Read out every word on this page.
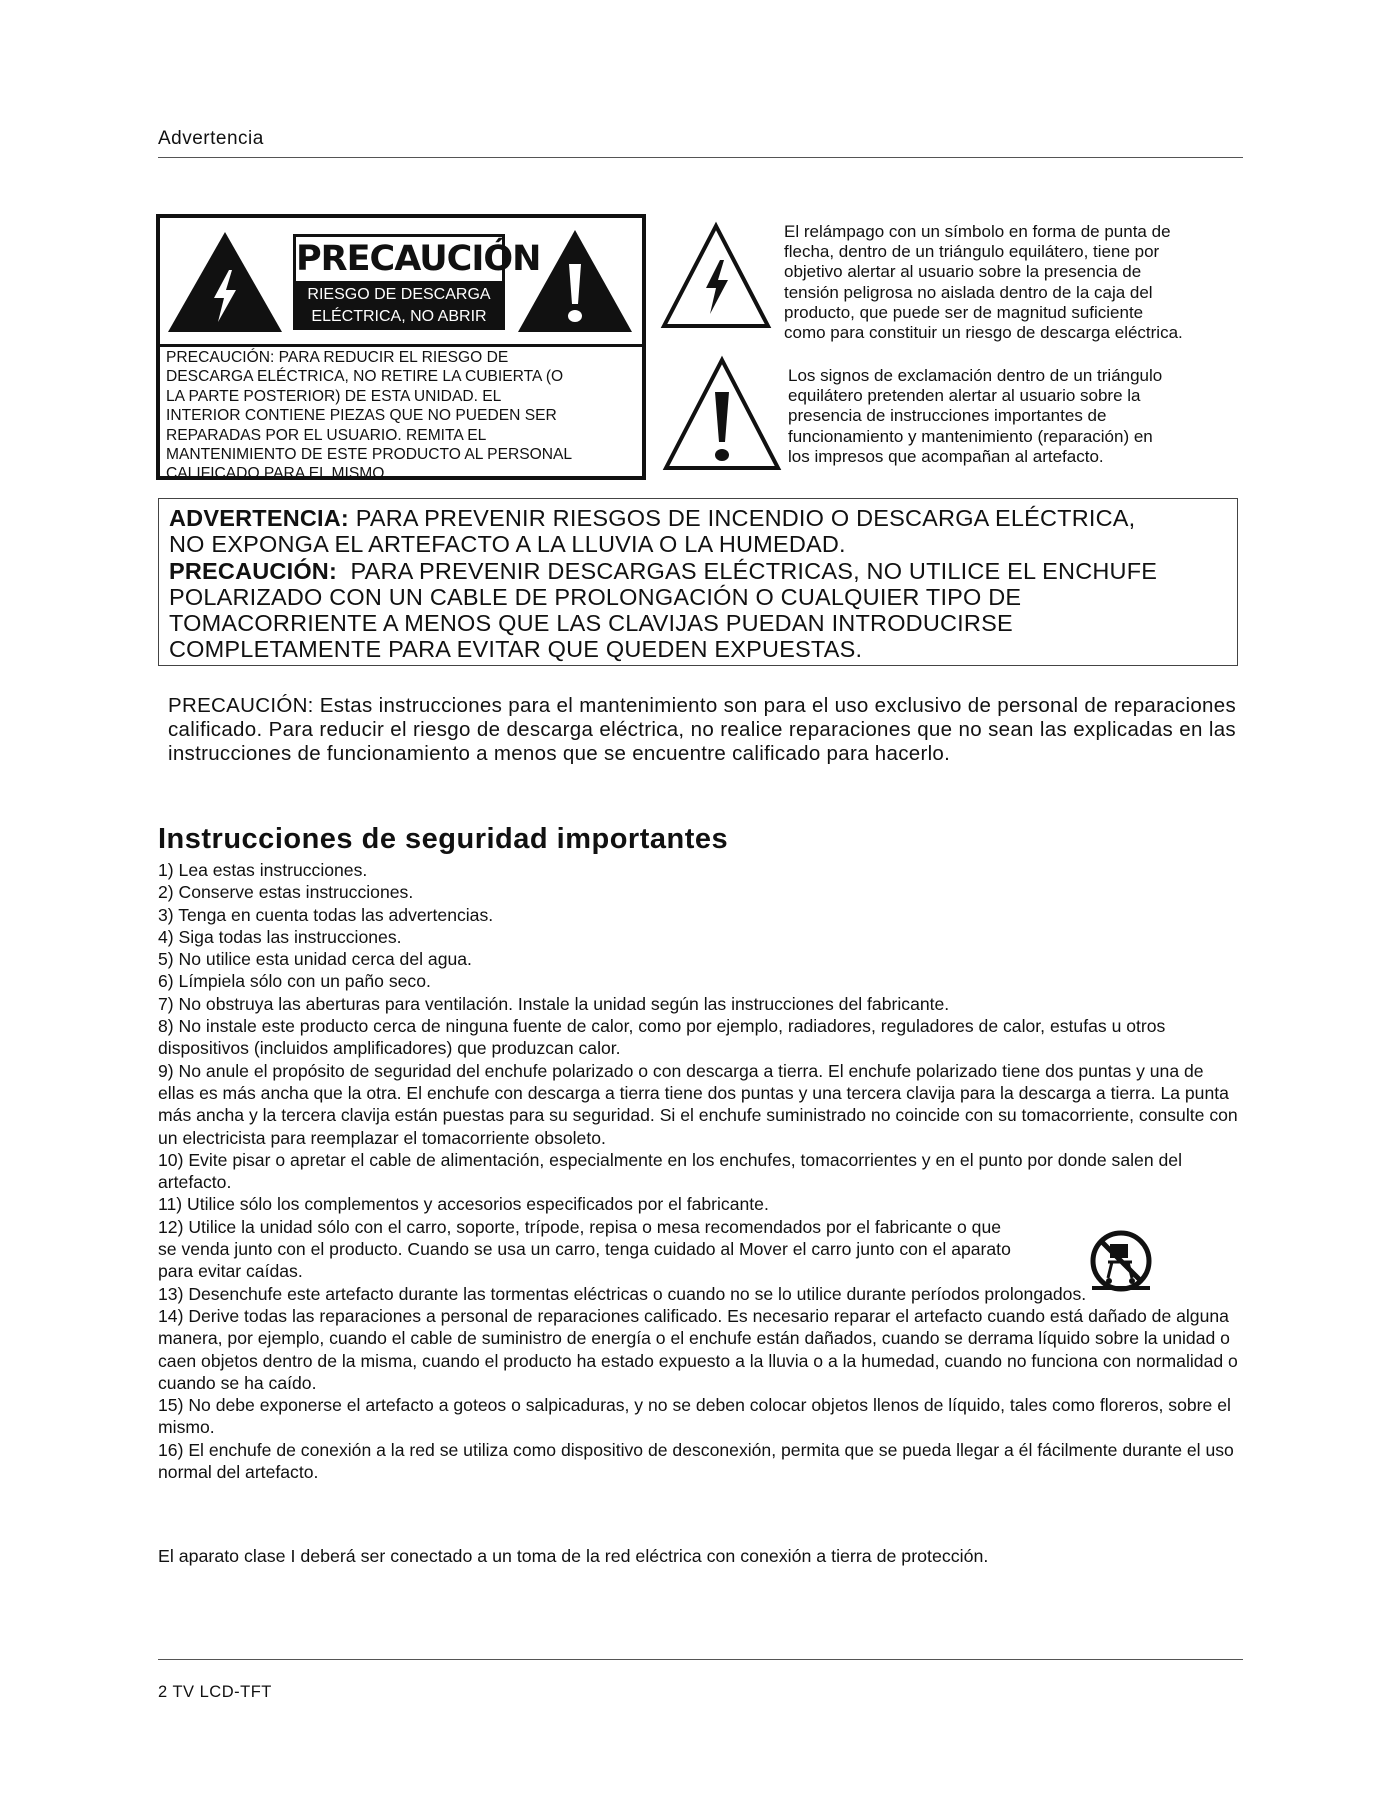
Advertencia
PRECAUCIÓN
RIESGO DE DESCARGA
ELÉCTRICA, NO ABRIR
PRECAUCIÓN: PARA REDUCIR EL RIESGO DE
DESCARGA ELÉCTRICA, NO RETIRE LA CUBIERTA (O
LA PARTE POSTERIOR) DE ESTA UNIDAD. EL
INTERIOR CONTIENE PIEZAS QUE NO PUEDEN SER
REPARADAS POR EL USUARIO. REMITA EL
MANTENIMIENTO DE ESTE PRODUCTO AL PERSONAL
CALIFICADO PARA EL MISMO.
El relámpago con un símbolo en forma de punta de
flecha, dentro de un triángulo equilátero, tiene por
objetivo alertar al usuario sobre la presencia de
tensión peligrosa no aislada dentro de la caja del
producto, que puede ser de magnitud suficiente
como para constituir un riesgo de descarga eléctrica.
Los signos de exclamación dentro de un triángulo
equilátero pretenden alertar al usuario sobre la
presencia de instrucciones importantes de
funcionamiento y mantenimiento (reparación) en
los impresos que acompañan al artefacto.
ADVERTENCIA: PARA PREVENIR RIESGOS DE INCENDIO O DESCARGA ELÉCTRICA,
NO EXPONGA EL ARTEFACTO A LA LLUVIA O LA HUMEDAD.
PRECAUCIÓN:  PARA PREVENIR DESCARGAS ELÉCTRICAS, NO UTILICE EL ENCHUFE
POLARIZADO CON UN CABLE DE PROLONGACIÓN O CUALQUIER TIPO DE
TOMACORRIENTE A MENOS QUE LAS CLAVIJAS PUEDAN INTRODUCIRSE
COMPLETAMENTE PARA EVITAR QUE QUEDEN EXPUESTAS.
PRECAUCIÓN: Estas instrucciones para el mantenimiento son para el uso exclusivo de personal de reparaciones calificado. Para reducir el riesgo de descarga eléctrica, no realice reparaciones que no sean las explicadas en las instrucciones de funcionamiento a menos que se encuentre calificado para hacerlo.
Instrucciones de seguridad importantes
1) Lea estas instrucciones.
2) Conserve estas instrucciones.
3) Tenga en cuenta todas las advertencias.
4) Siga todas las instrucciones.
5) No utilice esta unidad cerca del agua.
6) Límpiela sólo con un paño seco.
7) No obstruya las aberturas para ventilación. Instale la unidad según las instrucciones del fabricante.
8) No instale este producto cerca de ninguna fuente de calor, como por ejemplo, radiadores, reguladores de calor, estufas u otros dispositivos (incluidos amplificadores) que produzcan calor.
9) No anule el propósito de seguridad del enchufe polarizado o con descarga a tierra. El enchufe polarizado tiene dos puntas y una de ellas es más ancha que la otra. El enchufe con descarga a tierra tiene dos puntas y una tercera clavija para la descarga a tierra. La punta más ancha y la tercera clavija están puestas para su seguridad. Si el enchufe suministrado no coincide con su tomacorriente, consulte con un electricista para reemplazar el tomacorriente obsoleto.
10) Evite pisar o apretar el cable de alimentación, especialmente en los enchufes, tomacorrientes y en el punto por donde salen del artefacto.
11) Utilice sólo los complementos y accesorios especificados por el fabricante.
12) Utilice la unidad sólo con el carro, soporte, trípode, repisa o mesa recomendados por el fabricante o que se venda junto con el producto. Cuando se usa un carro, tenga cuidado al Mover el carro junto con el aparato para evitar caídas.
13) Desenchufe este artefacto durante las tormentas eléctricas o cuando no se lo utilice durante períodos prolongados.
14) Derive todas las reparaciones a personal de reparaciones calificado. Es necesario reparar el artefacto cuando está dañado de alguna manera, por ejemplo, cuando el cable de suministro de energía o el enchufe están dañados, cuando se derrama líquido sobre la unidad o caen objetos dentro de la misma, cuando el producto ha estado expuesto a la lluvia o a la humedad, cuando no funciona con normalidad o cuando se ha caído.
15) No debe exponerse el artefacto a goteos o salpicaduras, y no se deben colocar objetos llenos de líquido, tales como floreros, sobre el mismo.
16) El enchufe de conexión a la red se utiliza como dispositivo de desconexión, permita que se pueda llegar a él fácilmente durante el uso normal del artefacto.
El aparato clase I deberá ser conectado a un toma de la red eléctrica con conexión a tierra de protección.
2 TV LCD-TFT
